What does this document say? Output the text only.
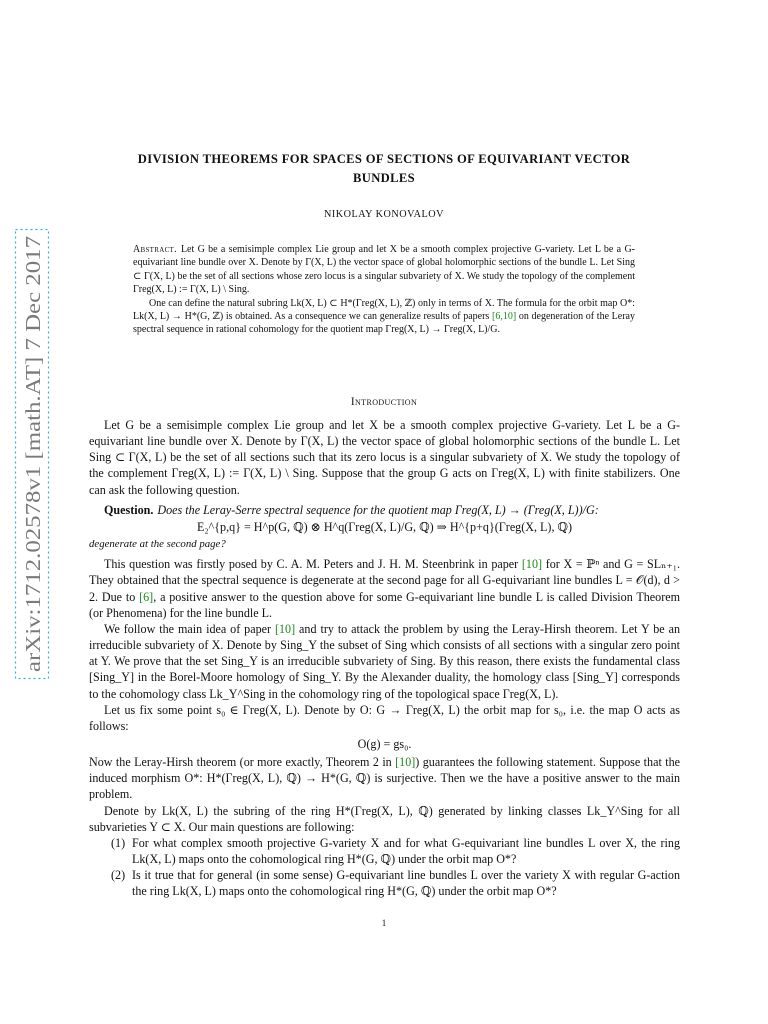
arXiv:1712.02578v1 [math.AT] 7 Dec 2017
DIVISION THEOREMS FOR SPACES OF SECTIONS OF EQUIVARIANT VECTOR
BUNDLES
NIKOLAY KONOVALOV

Abstract. Let G be a semisimple complex Lie group and let X be a smooth complex projective G-variety. Let L be a G-equivariant line bundle over X. Denote by Γ(X, L) the vector space of global holomorphic sections of the bundle L. Let Sing ⊂ Γ(X, L) be the set of all sections whose zero locus is a singular subvariety of X. We study the topology of the complement Γreg(X, L) := Γ(X, L) \ Sing.

One can define the natural subring Lk(X, L) ⊂ H*(Γreg(X, L), ℤ) only in terms of X. The formula for the orbit map O*: Lk(X, L) → H*(G, ℤ) is obtained. As a consequence we can generalize results of papers [6,10] on degeneration of the Leray spectral sequence in rational cohomology for the quotient map Γreg(X, L) → Γreg(X, L)/G.

Introduction

Let G be a semisimple complex Lie group and let X be a smooth complex projective G-variety. Let L be a G-equivariant line bundle over X. Denote by Γ(X, L) the vector space of global holomorphic sections of the bundle L. Let Sing ⊂ Γ(X, L) be the set of all sections such that its zero locus is a singular subvariety of X. We study the topology of the complement Γreg(X, L) := Γ(X, L) \ Sing. Suppose that the group G acts on Γreg(X, L) with finite stabilizers. One can ask the following question.

Question. Does the Leray-Serre spectral sequence for the quotient map Γreg(X, L) → (Γreg(X, L))/G:

E₂^{p,q} = H^p(G, ℚ) ⊗ H^q(Γreg(X, L)/G, ℚ) ⇒ H^{p+q}(Γreg(X, L), ℚ)

degenerate at the second page?

This question was firstly posed by C. A. M. Peters and J. H. M. Steenbrink in paper [10] for X = ℙⁿ and G = SLₙ₊₁. They obtained that the spectral sequence is degenerate at the second page for all G-equivariant line bundles L = 𝒪(d), d > 2. Due to [6], a positive answer to the question above for some G-equivariant line bundle L is called Division Theorem (or Phenomena) for the line bundle L.

We follow the main idea of paper [10] and try to attack the problem by using the Leray-Hirsh theorem. Let Y be an irreducible subvariety of X. Denote by Sing_Y the subset of Sing which consists of all sections with a singular zero point at Y. We prove that the set Sing_Y is an irreducible subvariety of Sing. By this reason, there exists the fundamental class [Sing_Y] in the Borel-Moore homology of Sing_Y. By the Alexander duality, the homology class [Sing_Y] corresponds to the cohomology class Lk_Y^Sing in the cohomology ring of the topological space Γreg(X, L).

Let us fix some point s₀ ∈ Γreg(X, L). Denote by O: G → Γreg(X, L) the orbit map for s₀, i.e. the map O acts as follows:

O(g) = gs₀.

Now the Leray-Hirsh theorem (or more exactly, Theorem 2 in [10]) guarantees the following statement. Suppose that the induced morphism O*: H*(Γreg(X, L), ℚ) → H*(G, ℚ) is surjective. Then we the have a positive answer to the main problem.

Denote by Lk(X, L) the subring of the ring H*(Γreg(X, L), ℚ) generated by linking classes Lk_Y^Sing for all subvarieties Y ⊂ X. Our main questions are following:

(1) For what complex smooth projective G-variety X and for what G-equivariant line bundles L over X, the ring Lk(X, L) maps onto the cohomological ring H*(G, ℚ) under the orbit map O*?
(2) Is it true that for general (in some sense) G-equivariant line bundles L over the variety X with regular G-action the ring Lk(X, L) maps onto the cohomological ring H*(G, ℚ) under the orbit map O*?
1
